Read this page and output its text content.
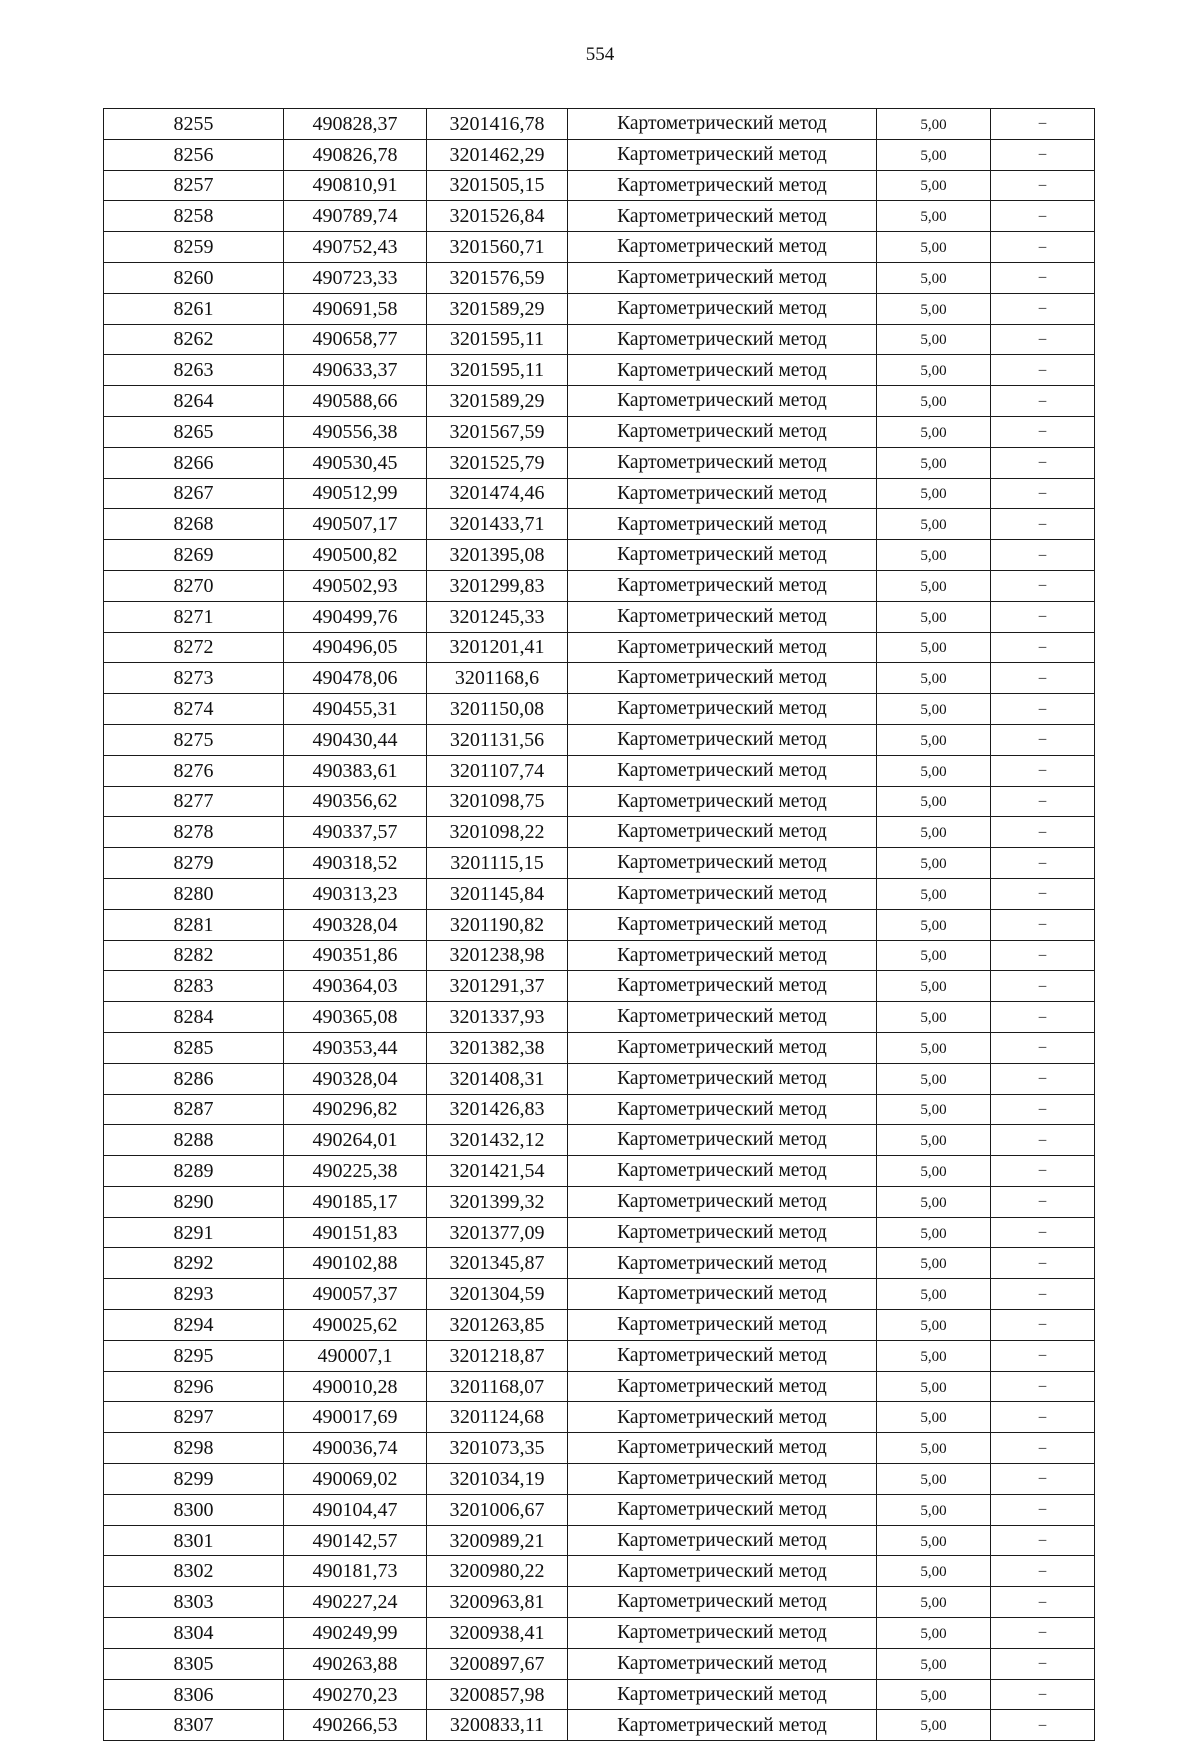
554
8255	490828,37	3201416,78	Картометрический метод	5,00	–
8256	490826,78	3201462,29	Картометрический метод	5,00	–
8257	490810,91	3201505,15	Картометрический метод	5,00	–
8258	490789,74	3201526,84	Картометрический метод	5,00	–
8259	490752,43	3201560,71	Картометрический метод	5,00	–
8260	490723,33	3201576,59	Картометрический метод	5,00	–
8261	490691,58	3201589,29	Картометрический метод	5,00	–
8262	490658,77	3201595,11	Картометрический метод	5,00	–
8263	490633,37	3201595,11	Картометрический метод	5,00	–
8264	490588,66	3201589,29	Картометрический метод	5,00	–
8265	490556,38	3201567,59	Картометрический метод	5,00	–
8266	490530,45	3201525,79	Картометрический метод	5,00	–
8267	490512,99	3201474,46	Картометрический метод	5,00	–
8268	490507,17	3201433,71	Картометрический метод	5,00	–
8269	490500,82	3201395,08	Картометрический метод	5,00	–
8270	490502,93	3201299,83	Картометрический метод	5,00	–
8271	490499,76	3201245,33	Картометрический метод	5,00	–
8272	490496,05	3201201,41	Картометрический метод	5,00	–
8273	490478,06	3201168,6	Картометрический метод	5,00	–
8274	490455,31	3201150,08	Картометрический метод	5,00	–
8275	490430,44	3201131,56	Картометрический метод	5,00	–
8276	490383,61	3201107,74	Картометрический метод	5,00	–
8277	490356,62	3201098,75	Картометрический метод	5,00	–
8278	490337,57	3201098,22	Картометрический метод	5,00	–
8279	490318,52	3201115,15	Картометрический метод	5,00	–
8280	490313,23	3201145,84	Картометрический метод	5,00	–
8281	490328,04	3201190,82	Картометрический метод	5,00	–
8282	490351,86	3201238,98	Картометрический метод	5,00	–
8283	490364,03	3201291,37	Картометрический метод	5,00	–
8284	490365,08	3201337,93	Картометрический метод	5,00	–
8285	490353,44	3201382,38	Картометрический метод	5,00	–
8286	490328,04	3201408,31	Картометрический метод	5,00	–
8287	490296,82	3201426,83	Картометрический метод	5,00	–
8288	490264,01	3201432,12	Картометрический метод	5,00	–
8289	490225,38	3201421,54	Картометрический метод	5,00	–
8290	490185,17	3201399,32	Картометрический метод	5,00	–
8291	490151,83	3201377,09	Картометрический метод	5,00	–
8292	490102,88	3201345,87	Картометрический метод	5,00	–
8293	490057,37	3201304,59	Картометрический метод	5,00	–
8294	490025,62	3201263,85	Картометрический метод	5,00	–
8295	490007,1	3201218,87	Картометрический метод	5,00	–
8296	490010,28	3201168,07	Картометрический метод	5,00	–
8297	490017,69	3201124,68	Картометрический метод	5,00	–
8298	490036,74	3201073,35	Картометрический метод	5,00	–
8299	490069,02	3201034,19	Картометрический метод	5,00	–
8300	490104,47	3201006,67	Картометрический метод	5,00	–
8301	490142,57	3200989,21	Картометрический метод	5,00	–
8302	490181,73	3200980,22	Картометрический метод	5,00	–
8303	490227,24	3200963,81	Картометрический метод	5,00	–
8304	490249,99	3200938,41	Картометрический метод	5,00	–
8305	490263,88	3200897,67	Картометрический метод	5,00	–
8306	490270,23	3200857,98	Картометрический метод	5,00	–
8307	490266,53	3200833,11	Картометрический метод	5,00	–
